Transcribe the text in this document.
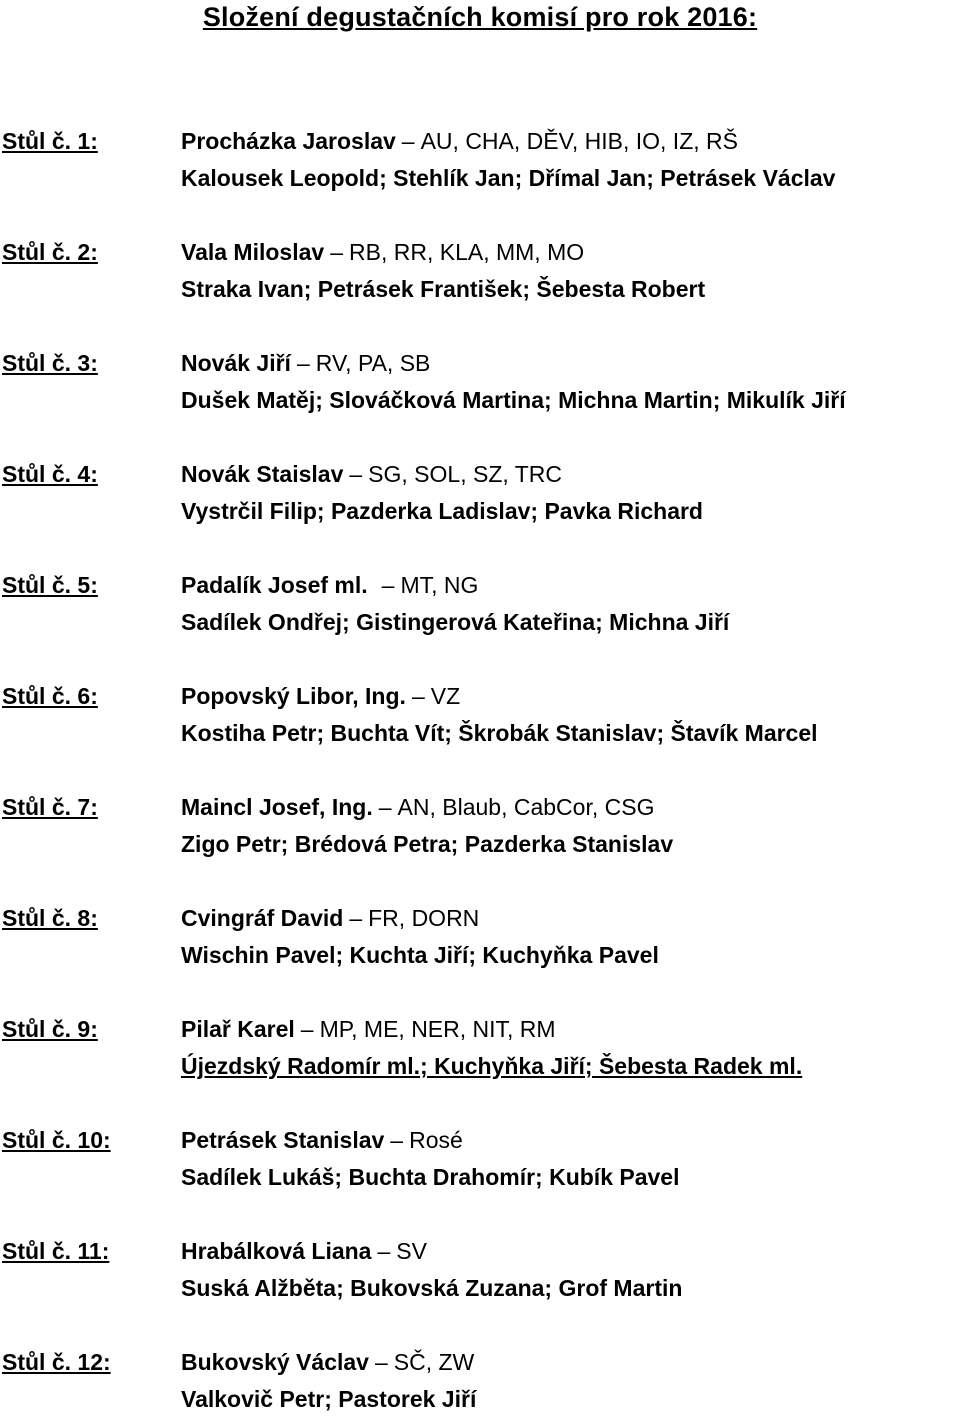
Složení degustačních komisí pro rok 2016:
Stůl č. 1:	Procházka Jaroslav – AU, CHA, DĚV, HIB, IO, IZ, RŠ
Kalousek Leopold; Stehlík Jan; Dřímal Jan; Petrásek Václav
Stůl č. 2:	Vala Miloslav – RB, RR, KLA, MM, MO
Straka Ivan; Petrásek František; Šebesta Robert
Stůl č. 3:	Novák Jiří – RV, PA, SB
Dušek Matěj; Slováčková Martina; Michna Martin; Mikulík Jiří
Stůl č. 4:	Novák Staislav – SG, SOL, SZ, TRC
Vystrčil Filip; Pazderka Ladislav; Pavka Richard
Stůl č. 5:	Padalík Josef ml. – MT, NG
Sadílek Ondřej; Gistingerová Kateřina; Michna Jiří
Stůl č. 6:	Popovský Libor, Ing. – VZ
Kostiha Petr; Buchta Vít; Škrobák Stanislav; Štavík Marcel
Stůl č. 7:	Maincl Josef, Ing. – AN, Blaub, CabCor, CSG
Zigo Petr; Brédová Petra; Pazderka Stanislav
Stůl č. 8:	Cvingráf David – FR, DORN
Wischin Pavel; Kuchta Jiří; Kuchyňka Pavel
Stůl č. 9:	Pilař Karel – MP, ME, NER, NIT, RM
Újezdský Radomír ml.; Kuchyňka Jiří; Šebesta Radek ml.
Stůl č. 10:	Petrásek Stanislav – Rosé
Sadílek Lukáš; Buchta Drahomír; Kubík Pavel
Stůl č. 11:	Hrabálková Liana – SV
Suská Alžběta; Bukovská Zuzana; Grof Martin
Stůl č. 12:	Bukovský Václav – SČ, ZW
Valkovič Petr; Pastorek Jiří
